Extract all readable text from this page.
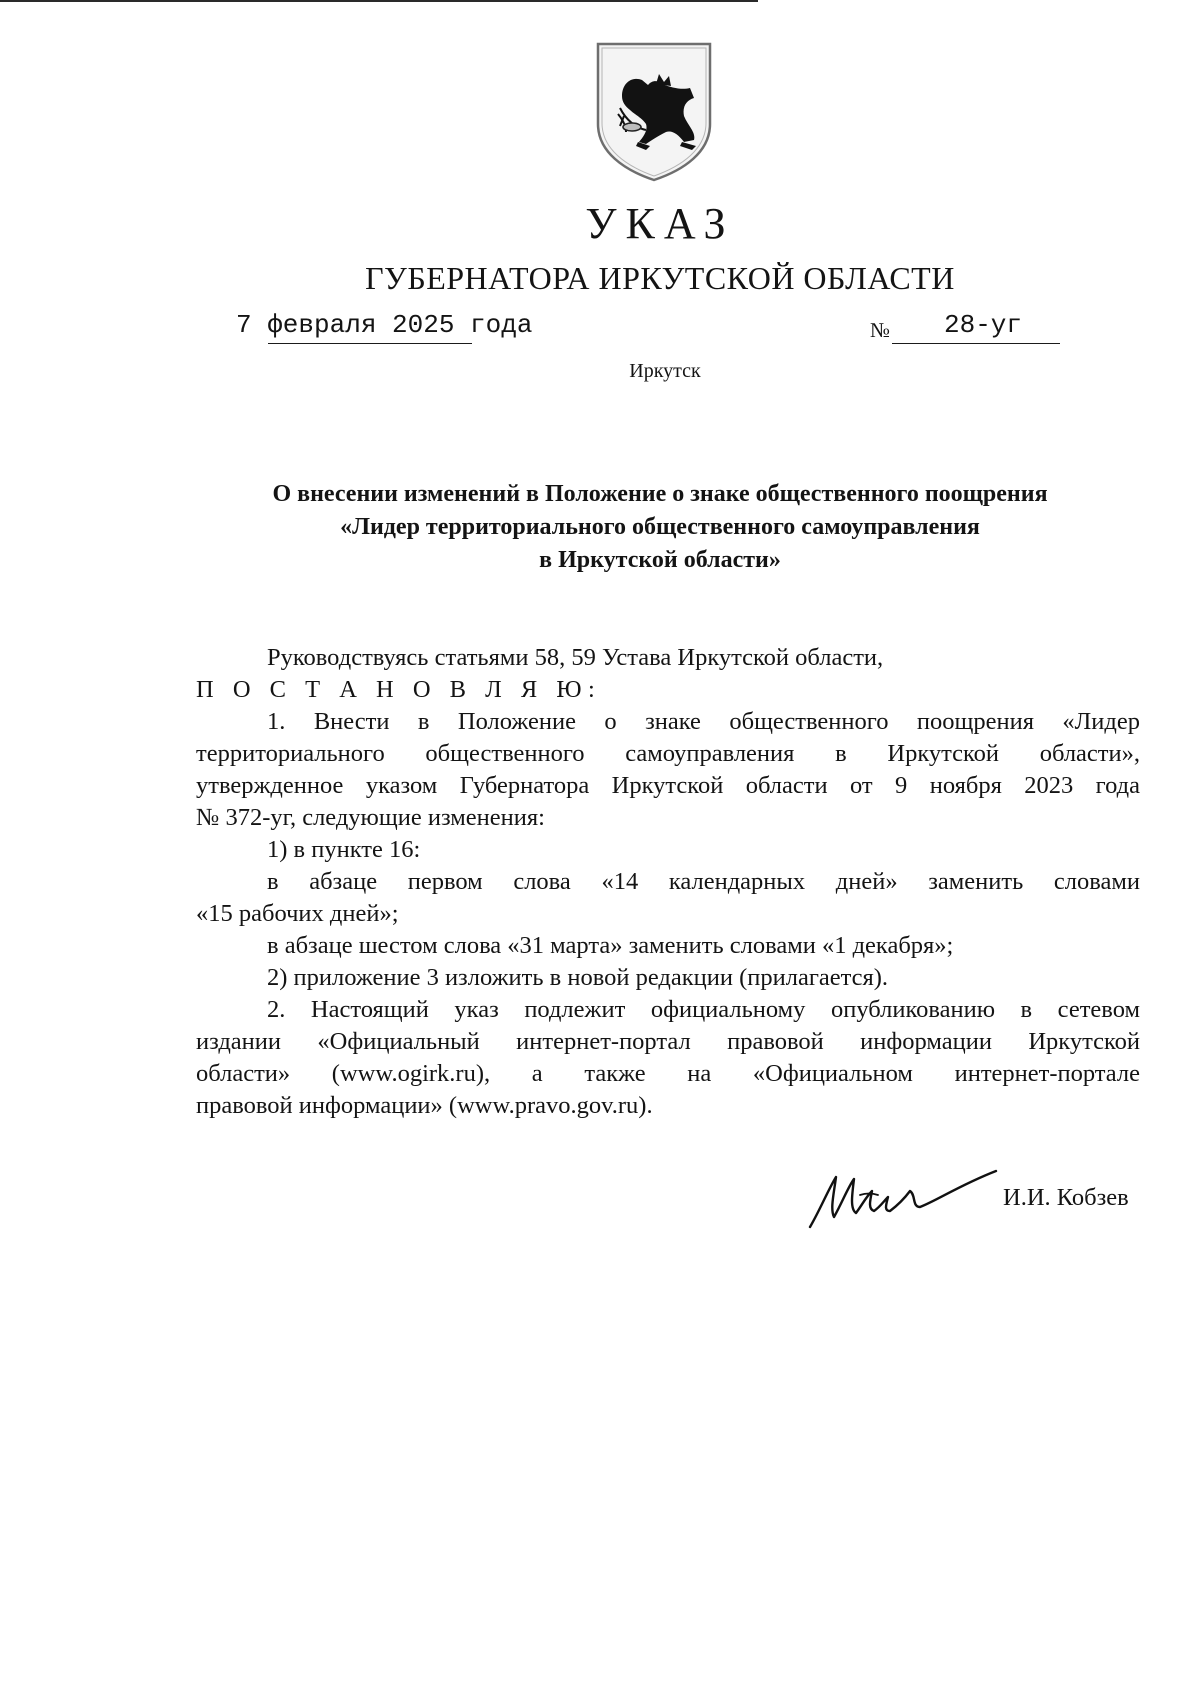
УКАЗ
ГУБЕРНАТОРА ИРКУТСКОЙ ОБЛАСТИ
7 февраля 2025 года	№ 28-уг
Иркутск
О внесении изменений в Положение о знаке общественного поощрения
«Лидер территориального общественного самоуправления
в Иркутской области»

Руководствуясь статьями 58, 59 Устава Иркутской области,

П О С Т А Н О В Л Я Ю:

1. Внести в Положение о знаке общественного поощрения «Лидер

территориального общественного самоуправления в Иркутской области»,

утвержденное указом Губернатора Иркутской области от 9 ноября 2023 года

№ 372-уг, следующие изменения:

1) в пункте 16:

в абзаце первом слова «14 календарных дней» заменить словами

«15 рабочих дней»;

в абзаце шестом слова «31 марта» заменить словами «1 декабря»;

2) приложение 3 изложить в новой редакции (прилагается).

2. Настоящий указ подлежит официальному опубликованию в сетевом

издании «Официальный интернет-портал правовой информации Иркутской

области» (www.ogirk.ru), а также на «Официальном интернет-портале

правовой информации» (www.pravo.gov.ru).

И.И. Кобзев
